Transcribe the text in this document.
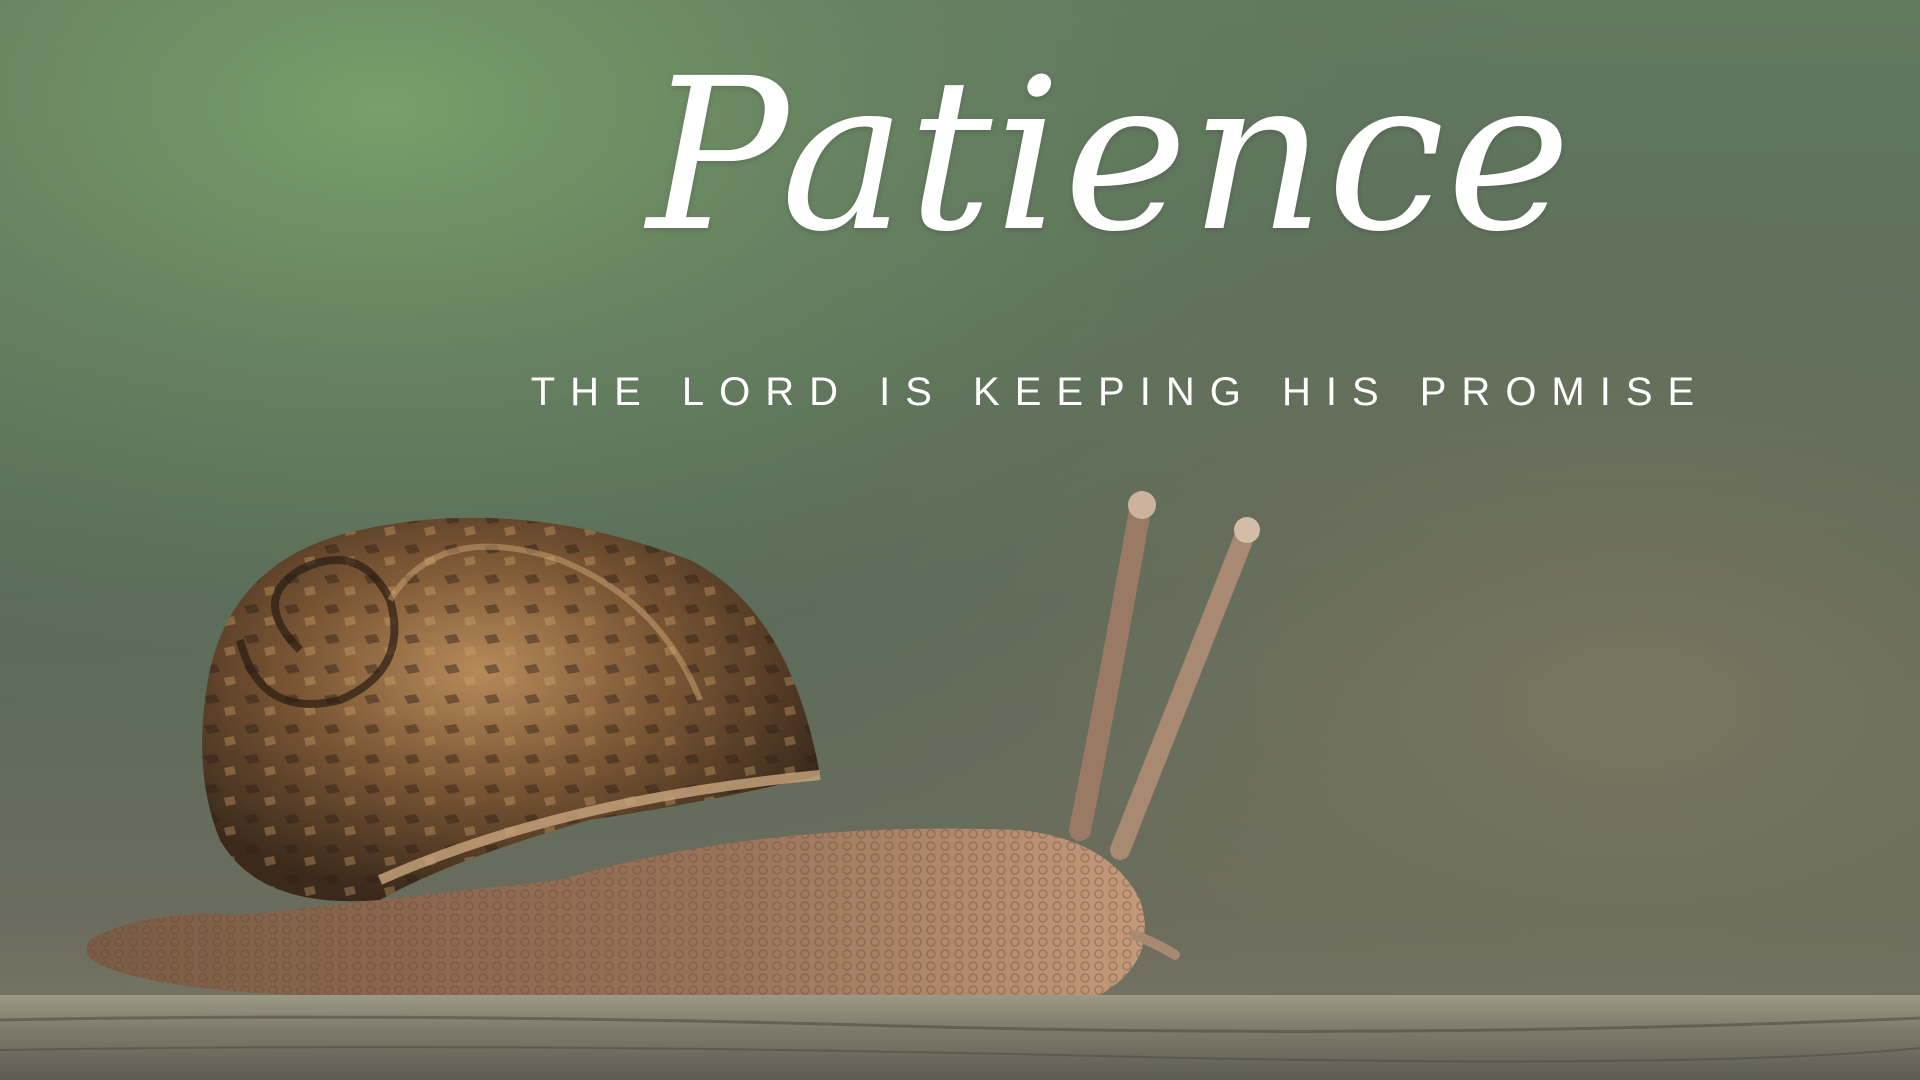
Patience
THE LORD IS KEEPING HIS PROMISE
